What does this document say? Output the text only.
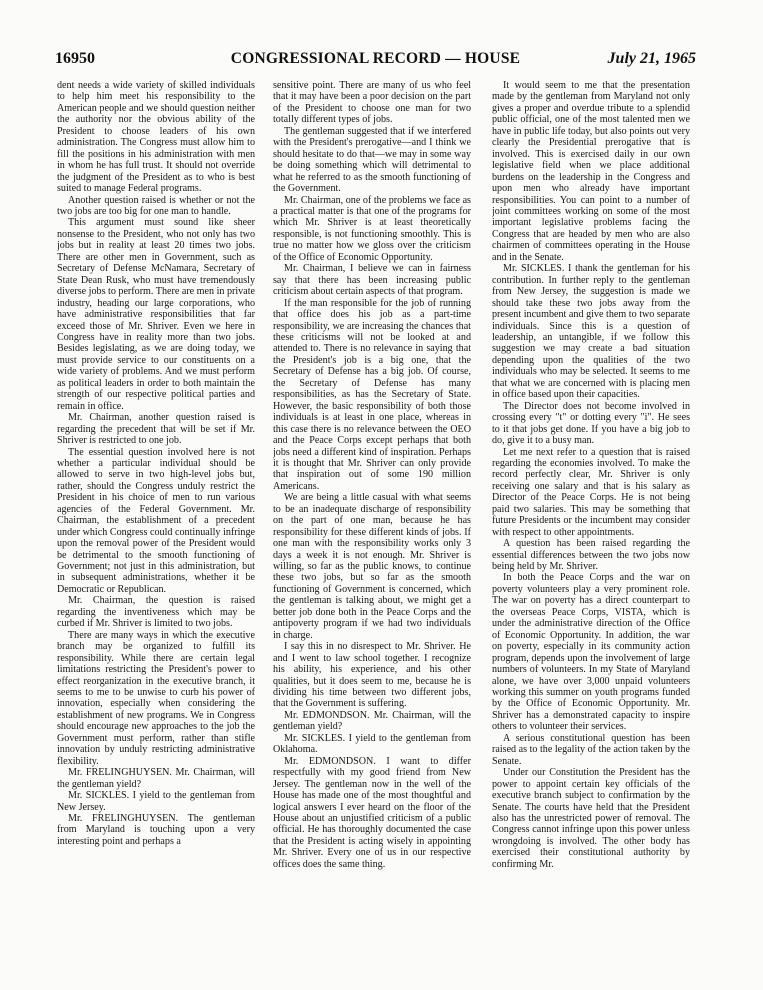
16950	CONGRESSIONAL RECORD — HOUSE	July 21, 1965

dent needs a wide variety of skilled individuals to help him meet his responsibility to the American people and we should question neither the authority nor the obvious ability of the President to choose leaders of his own administration. The Congress must allow him to fill the positions in his administration with men in whom he has full trust. It should not override the judgment of the President as to who is best suited to manage Federal programs.

Another question raised is whether or not the two jobs are too big for one man to handle.

This argument must sound like sheer nonsense to the President, who not only has two jobs but in reality at least 20 times two jobs. There are other men in Government, such as Secretary of Defense McNamara, Secretary of State Dean Rusk, who must have tremendously diverse jobs to perform. There are men in private industry, heading our large corporations, who have administrative responsibilities that far exceed those of Mr. Shriver. Even we here in Congress have in reality more than two jobs. Besides legislating, as we are doing today, we must provide service to our constituents on a wide variety of problems. And we must perform as political leaders in order to both maintain the strength of our respective political parties and remain in office.

Mr. Chairman, another question raised is regarding the precedent that will be set if Mr. Shriver is restricted to one job.

The essential question involved here is not whether a particular individual should be allowed to serve in two high-level jobs but, rather, should the Congress unduly restrict the President in his choice of men to run various agencies of the Federal Government. Mr. Chairman, the establishment of a precedent under which Congress could continually infringe upon the removal power of the President would be detrimental to the smooth functioning of Government; not just in this administration, but in subsequent administrations, whether it be Democratic or Republican.

Mr. Chairman, the question is raised regarding the inventiveness which may be curbed if Mr. Shriver is limited to two jobs.

There are many ways in which the executive branch may be organized to fulfill its responsibility. While there are certain legal limitations restricting the President's power to effect reorganization in the executive branch, it seems to me to be unwise to curb his power of innovation, especially when considering the establishment of new programs. We in Congress should encourage new approaches to the job the Government must perform, rather than stifle innovation by unduly restricting administrative flexibility.

Mr. FRELINGHUYSEN. Mr. Chairman, will the gentleman yield?

Mr. SICKLES. I yield to the gentleman from New Jersey.

Mr. FRELINGHUYSEN. The gentleman from Maryland is touching upon a very interesting point and perhaps a

sensitive point. There are many of us who feel that it may have been a poor decision on the part of the President to choose one man for two totally different types of jobs.

The gentleman suggested that if we interfered with the President's prerogative—and I think we should hesitate to do that—we may in some way be doing something which will detrimental to what he referred to as the smooth functioning of the Government.

Mr. Chairman, one of the problems we face as a practical matter is that one of the programs for which Mr. Shriver is at least theoretically responsible, is not functioning smoothly. This is true no matter how we gloss over the criticism of the Office of Economic Opportunity.

Mr. Chairman, I believe we can in fairness say that there has been increasing public criticism about certain aspects of that program.

If the man responsible for the job of running that office does his job as a part-time responsibility, we are increasing the chances that these criticisms will not be looked at and attended to. There is no relevance in saying that the President's job is a big one, that the Secretary of Defense has a big job. Of course, the Secretary of Defense has many responsibilities, as has the Secretary of State. However, the basic responsibility of both those individuals is at least in one place, whereas in this case there is no relevance between the OEO and the Peace Corps except perhaps that both jobs need a different kind of inspiration. Perhaps it is thought that Mr. Shriver can only provide that inspiration out of some 190 million Americans.

We are being a little casual with what seems to be an inadequate discharge of responsibility on the part of one man, because he has responsibility for these different kinds of jobs. If one man with the responsibility works only 3 days a week it is not enough. Mr. Shriver is willing, so far as the public knows, to continue these two jobs, but so far as the smooth functioning of Government is concerned, which the gentleman is talking about, we might get a better job done both in the Peace Corps and the antipoverty program if we had two individuals in charge.

I say this in no disrespect to Mr. Shriver. He and I went to law school together. I recognize his ability, his experience, and his other qualities, but it does seem to me, because he is dividing his time between two different jobs, that the Government is suffering.

Mr. EDMONDSON. Mr. Chairman, will the gentleman yield?

Mr. SICKLES. I yield to the gentleman from Oklahoma.

Mr. EDMONDSON. I want to differ respectfully with my good friend from New Jersey. The gentleman now in the well of the House has made one of the most thoughtful and logical answers I ever heard on the floor of the House about an unjustified criticism of a public official. He has thoroughly documented the case that the President is acting wisely in appointing Mr. Shriver. Every one of us in our respective offices does the same thing.

It would seem to me that the presentation made by the gentleman from Maryland not only gives a proper and overdue tribute to a splendid public official, one of the most talented men we have in public life today, but also points out very clearly the Presidential prerogative that is involved. This is exercised daily in our own legislative field when we place additional burdens on the leadership in the Congress and upon men who already have important responsibilities. You can point to a number of joint committees working on some of the most important legislative problems facing the Congress that are headed by men who are also chairmen of committees operating in the House and in the Senate.

Mr. SICKLES. I thank the gentleman for his contribution. In further reply to the gentleman from New Jersey, the suggestion is made we should take these two jobs away from the present incumbent and give them to two separate individuals. Since this is a question of leadership, an untangible, if we follow this suggestion we may create a bad situation depending upon the qualities of the two individuals who may be selected. It seems to me that what we are concerned with is placing men in office based upon their capacities.

The Director does not become involved in crossing every "t" or dotting every "i". He sees to it that jobs get done. If you have a big job to do, give it to a busy man.

Let me next refer to a question that is raised regarding the economies involved. To make the record perfectly clear, Mr. Shriver is only receiving one salary and that is his salary as Director of the Peace Corps. He is not being paid two salaries. This may be something that future Presidents or the incumbent may consider with respect to other appointments.

A question has been raised regarding the essential differences between the two jobs now being held by Mr. Shriver.

In both the Peace Corps and the war on poverty volunteers play a very prominent role. The war on poverty has a direct counterpart to the overseas Peace Corps, VISTA, which is under the administrative direction of the Office of Economic Opportunity. In addition, the war on poverty, especially in its community action program, depends upon the involvement of large numbers of volunteers. In my State of Maryland alone, we have over 3,000 unpaid volunteers working this summer on youth programs funded by the Office of Economic Opportunity. Mr. Shriver has a demonstrated capacity to inspire others to volunteer their services.

A serious constitutional question has been raised as to the legality of the action taken by the Senate.

Under our Constitution the President has the power to appoint certain key officials of the executive branch subject to confirmation by the Senate. The courts have held that the President also has the unrestricted power of removal. The Congress cannot infringe upon this power unless wrongdoing is involved. The other body has exercised their constitutional authority by confirming Mr.
